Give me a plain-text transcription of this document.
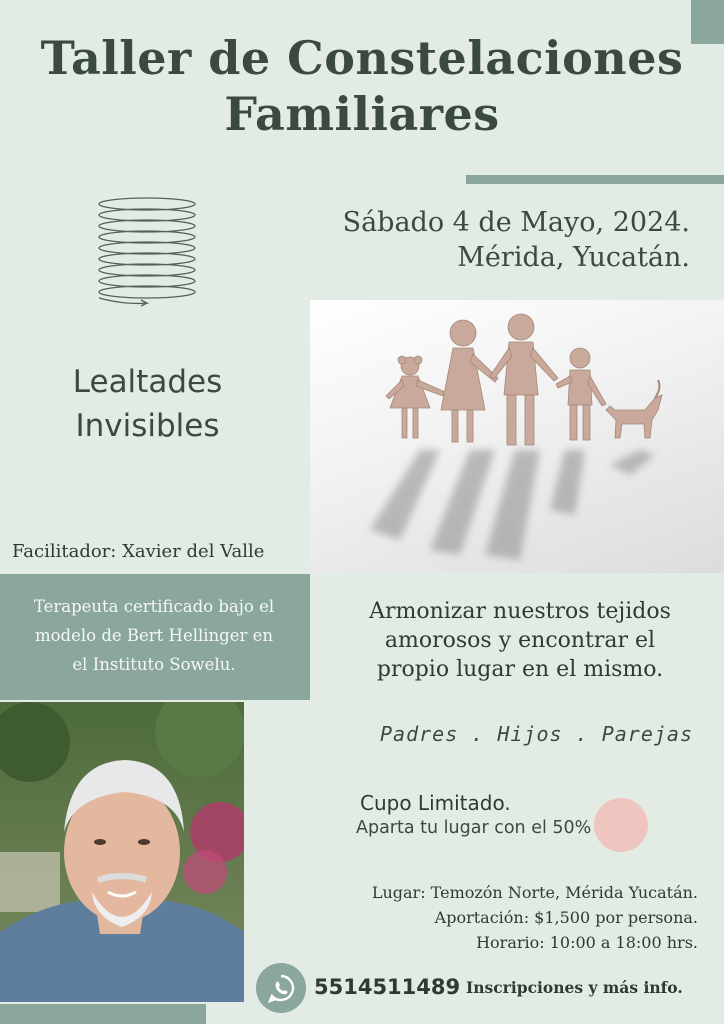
Taller de Constelaciones
Familiares
Sábado 4 de Mayo, 2024.
Mérida, Yucatán.
Lealtades
Invisibles
Facilitador: Xavier del Valle
Terapeuta certificado bajo el
modelo de Bert Hellinger en
el Instituto Sowelu.
Armonizar nuestros tejidos
amorosos y encontrar el
propio lugar en el mismo.
Padres . Hijos . Parejas
Cupo Limitado.
Aparta tu lugar con el 50%
Lugar: Temozón Norte, Mérida Yucatán.
Aportación: $1,500 por persona.
Horario: 10:00 a 18:00 hrs.
5514511489 Inscripciones y más info.
